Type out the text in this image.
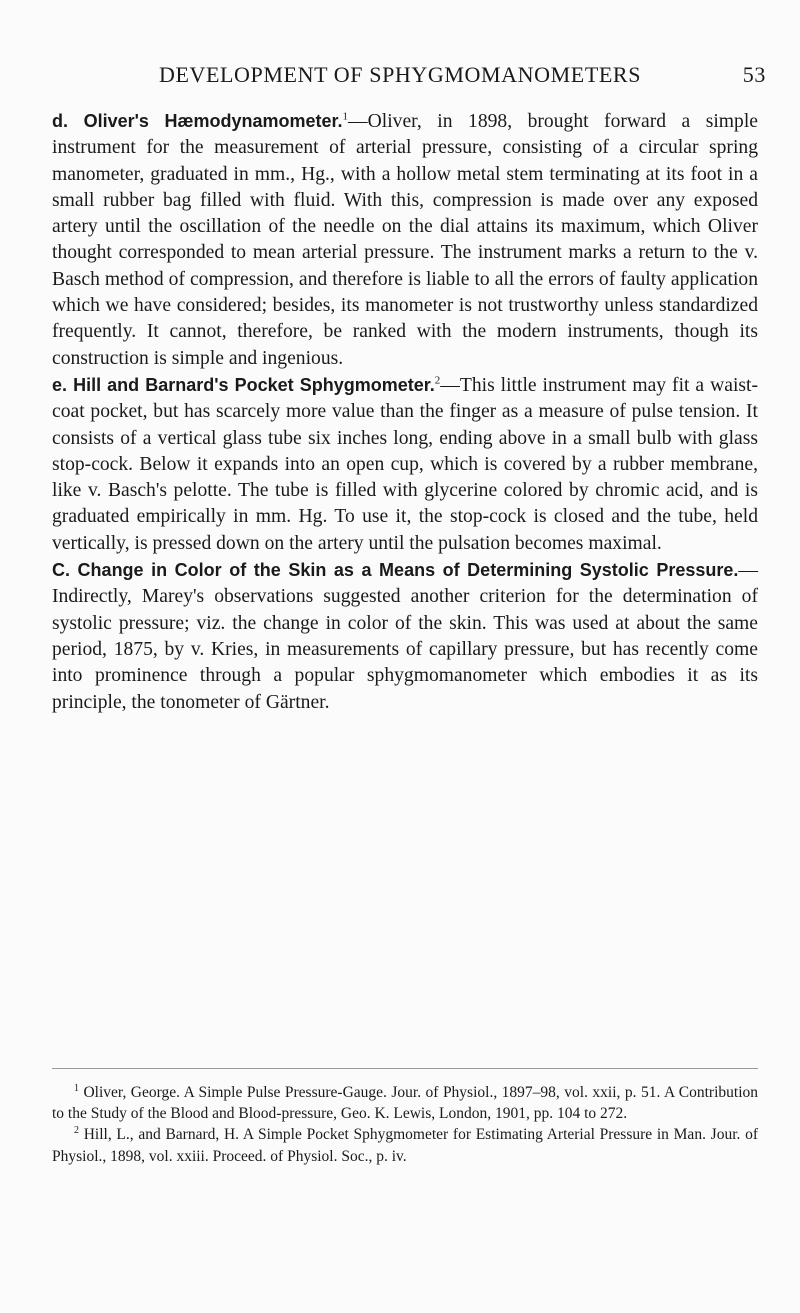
DEVELOPMENT OF SPHYGMOMANOMETERS	53

d. Oliver's Hæmodynamometer.$^1$—Oliver, in 1898, brought forward a simple instrument for the measurement of arterial pressure, consisting of a circular spring manometer, graduated in mm., Hg., with a hollow metal stem terminating at its foot in a small rubber bag filled with fluid. With this, compression is made over any exposed artery until the oscillation of the needle on the dial attains its maximum, which Oliver thought corresponded to mean arterial pressure. The instrument marks a return to the v. Basch method of compression, and therefore is liable to all the errors of faulty application which we have considered; besides, its manometer is not trustworthy unless standardized frequently. It cannot, therefore, be ranked with the modern instruments, though its construction is simple and ingenious.

e. Hill and Barnard's Pocket Sphygmometer.$^2$—This little instrument may fit a waist-coat pocket, but has scarcely more value than the finger as a measure of pulse tension. It consists of a vertical glass tube six inches long, ending above in a small bulb with glass stop-cock. Below it expands into an open cup, which is covered by a rubber membrane, like v. Basch's pelotte. The tube is filled with glycerine colored by chromic acid, and is graduated empirically in mm. Hg. To use it, the stop-cock is closed and the tube, held vertically, is pressed down on the artery until the pulsation becomes maximal.

C. Change in Color of the Skin as a Means of Determining Systolic Pressure.—Indirectly, Marey's observations suggested another criterion for the determination of systolic pressure; viz. the change in color of the skin. This was used at about the same period, 1875, by v. Kries, in measurements of capillary pressure, but has recently come into prominence through a popular sphygmomanometer which embodies it as its principle, the tonometer of Gärtner.

$^1$ Oliver, George. A Simple Pulse Pressure-Gauge. Jour. of Physiol., 1897–98, vol. xxii, p. 51. A Contribution to the Study of the Blood and Blood-pressure, Geo. K. Lewis, London, 1901, pp. 104 to 272.

$^2$ Hill, L., and Barnard, H. A Simple Pocket Sphygmometer for Estimating Arterial Pressure in Man. Jour. of Physiol., 1898, vol. xxiii. Proceed. of Physiol. Soc., p. iv.
